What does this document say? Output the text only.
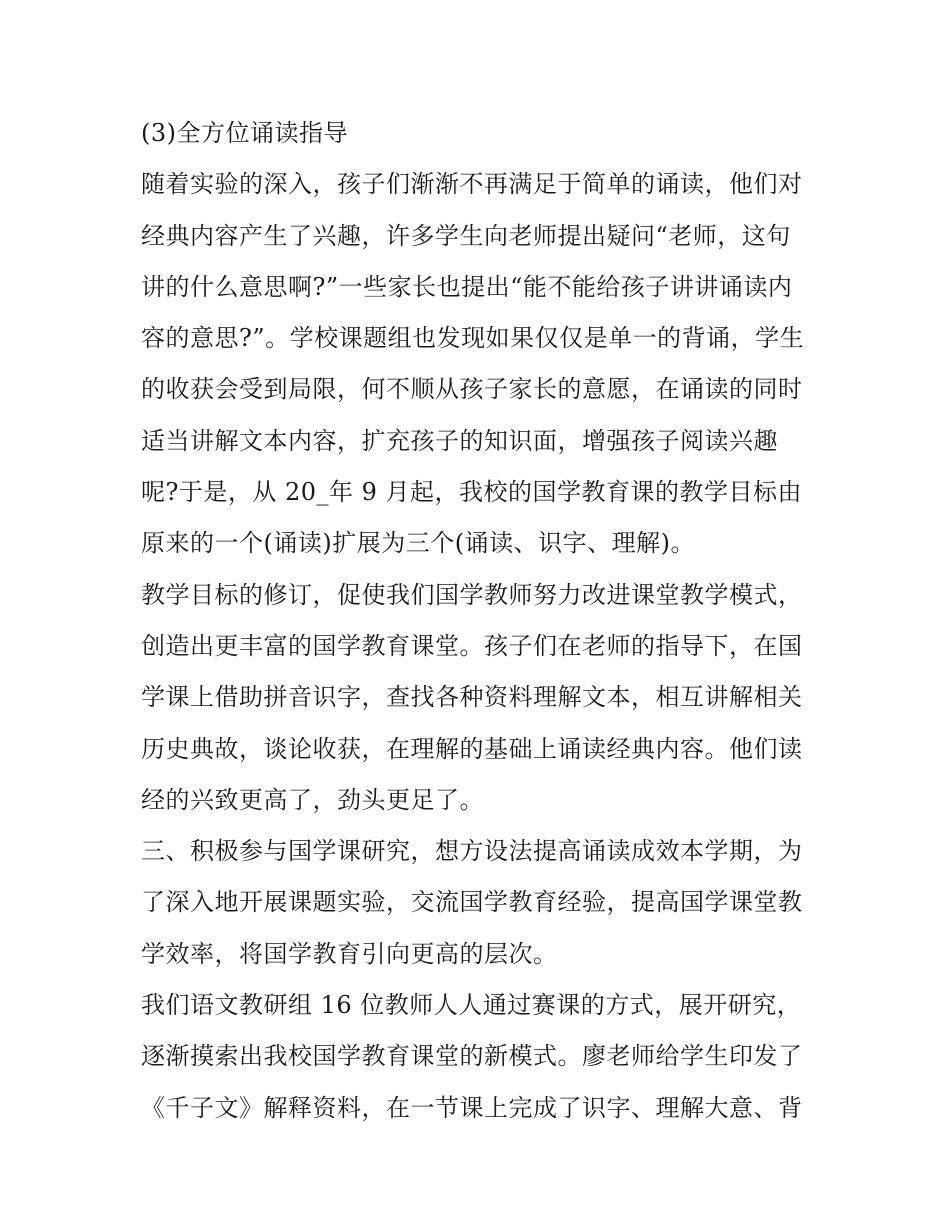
(3)全方位诵读指导
随着实验的深入，孩子们渐渐不再满足于简单的诵读，他们对
经典内容产生了兴趣，许多学生向老师提出疑问“老师，这句
讲的什么意思啊?”一些家长也提出“能不能给孩子讲讲诵读内
容的意思?”。学校课题组也发现如果仅仅是单一的背诵，学生
的收获会受到局限，何不顺从孩子家长的意愿，在诵读的同时
适当讲解文本内容，扩充孩子的知识面，增强孩子阅读兴趣
呢?于是，从 20_年 9 月起，我校的国学教育课的教学目标由
原来的一个(诵读)扩展为三个(诵读、识字、理解)。
教学目标的修订，促使我们国学教师努力改进课堂教学模式，
创造出更丰富的国学教育课堂。孩子们在老师的指导下，在国
学课上借助拼音识字，查找各种资料理解文本，相互讲解相关
历史典故，谈论收获，在理解的基础上诵读经典内容。他们读
经的兴致更高了，劲头更足了。
三、积极参与国学课研究，想方设法提高诵读成效本学期，为
了深入地开展课题实验，交流国学教育经验，提高国学课堂教
学效率，将国学教育引向更高的层次。
我们语文教研组 16 位教师人人通过赛课的方式，展开研究，
逐渐摸索出我校国学教育课堂的新模式。廖老师给学生印发了
《千子文》解释资料，在一节课上完成了识字、理解大意、背
